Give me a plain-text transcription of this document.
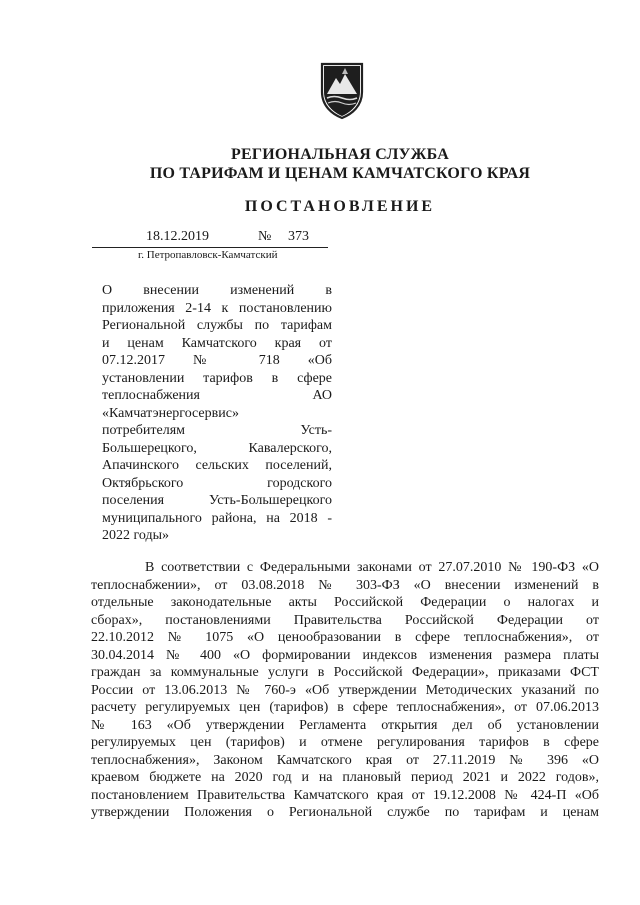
РЕГИОНАЛЬНАЯ СЛУЖБА
ПО ТАРИФАМ И ЦЕНАМ КАМЧАТСКОГО КРАЯ
ПОСТАНОВЛЕНИЕ
18.12.2019	№ 373
г. Петропавловск-Камчатский
О внесении изменений в
приложения 2-14 к постановлению
Региональной службы по тарифам
и ценам Камчатского края от
07.12.2017 № 718 «Об
установлении тарифов в сфере
теплоснабжения АО
«Камчатэнергосервис»
потребителям Усть-
Большерецкого, Кавалерского,
Апачинского сельских поселений,
Октябрьского городского
поселения Усть-Большерецкого
муниципального района, на 2018 -
2022 годы»
В соответствии с Федеральными законами от 27.07.2010 № 190-ФЗ «О
теплоснабжении», от 03.08.2018 № 303-ФЗ «О внесении изменений в
отдельные законодательные акты Российской Федерации о налогах и
сборах», постановлениями Правительства Российской Федерации от
22.10.2012 № 1075 «О ценообразовании в сфере теплоснабжения», от
30.04.2014 № 400 «О формировании индексов изменения размера платы
граждан за коммунальные услуги в Российской Федерации», приказами ФСТ
России от 13.06.2013 № 760-э «Об утверждении Методических указаний по
расчету регулируемых цен (тарифов) в сфере теплоснабжения», от 07.06.2013
№ 163 «Об утверждении Регламента открытия дел об установлении
регулируемых цен (тарифов) и отмене регулирования тарифов в сфере
теплоснабжения», Законом Камчатского края от 27.11.2019 № 396 «О
краевом бюджете на 2020 год и на плановый период 2021 и 2022 годов»,
постановлением Правительства Камчатского края от 19.12.2008 № 424-П «Об
утверждении Положения о Региональной службе по тарифам и ценам
